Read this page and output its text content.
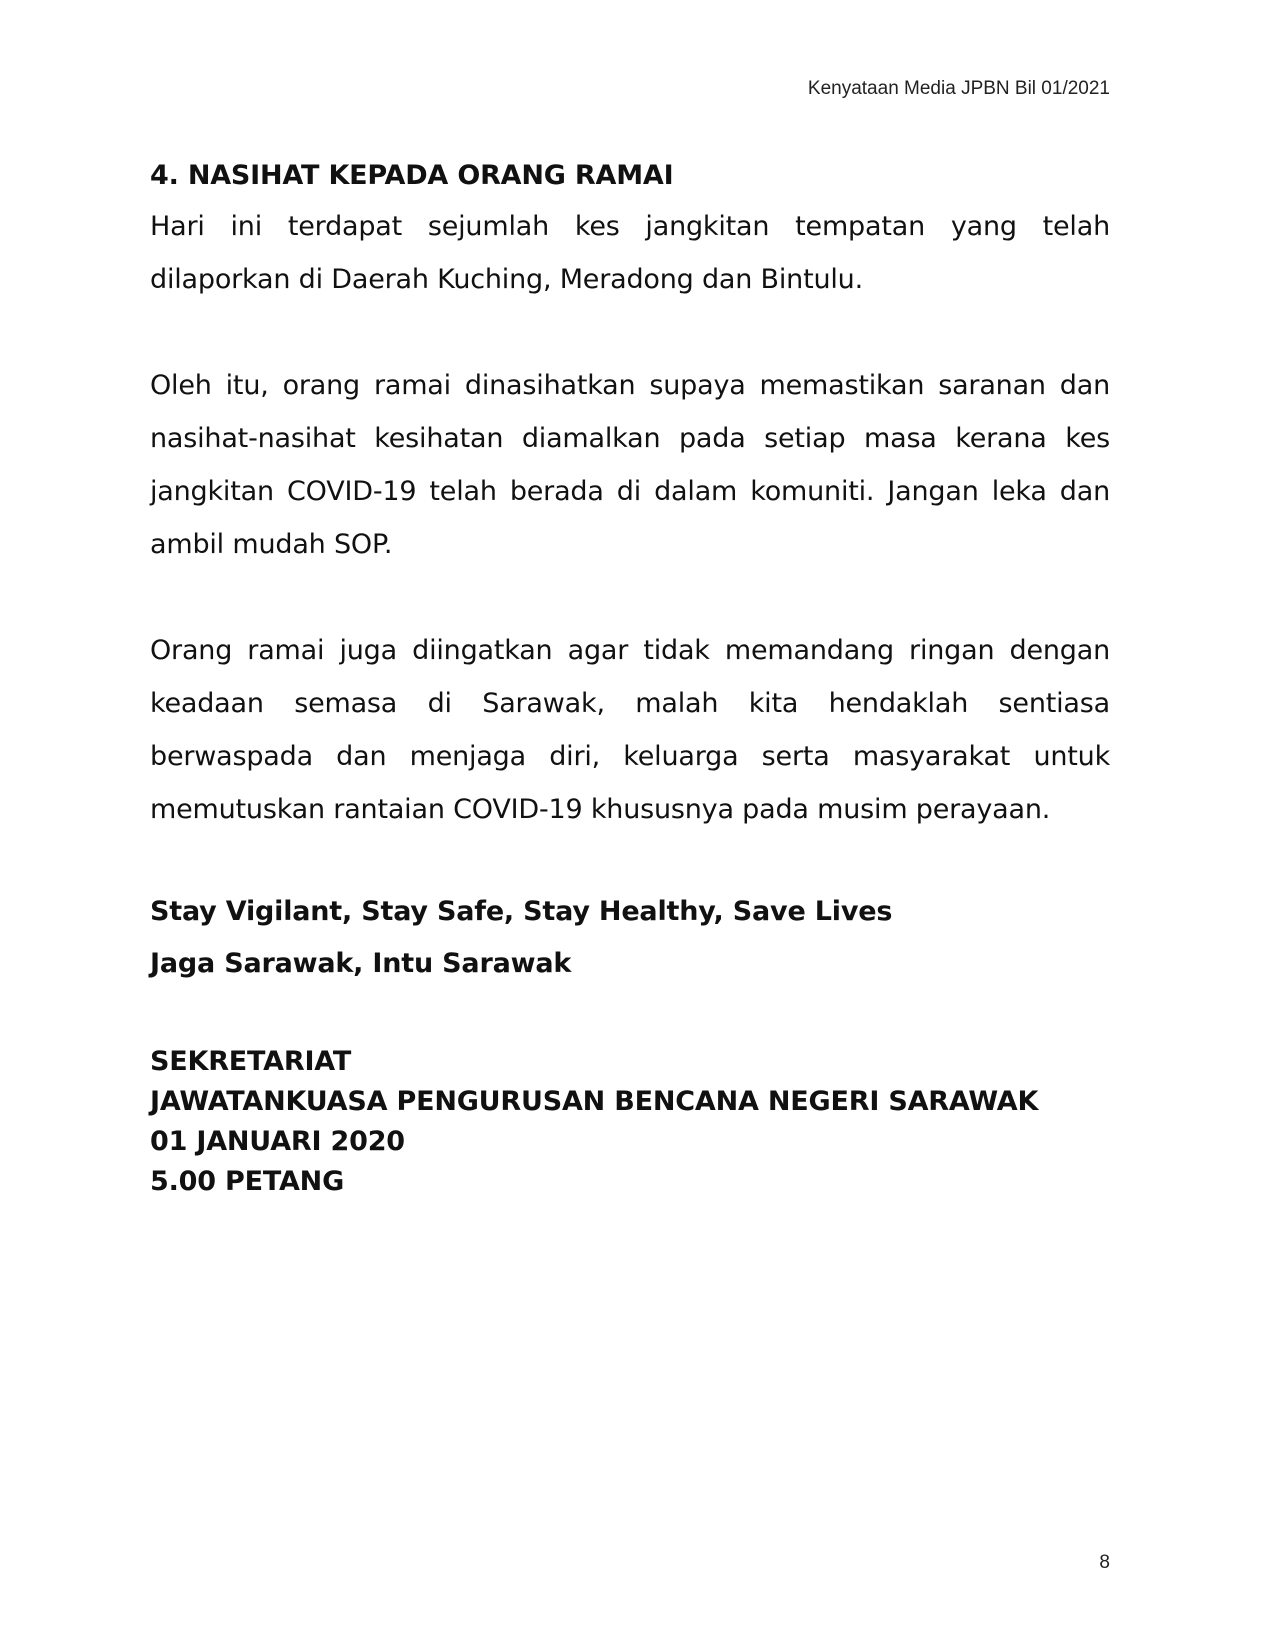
Kenyataan Media JPBN Bil 01/2021
4. NASIHAT KEPADA ORANG RAMAI

Hari ini terdapat sejumlah kes jangkitan tempatan yang telah dilaporkan di Daerah Kuching, Meradong dan Bintulu.

Oleh itu, orang ramai dinasihatkan supaya memastikan saranan dan nasihat-nasihat kesihatan diamalkan pada setiap masa kerana kes jangkitan COVID-19 telah berada di dalam komuniti. Jangan leka dan ambil mudah SOP.

Orang ramai juga diingatkan agar tidak memandang ringan dengan keadaan semasa di Sarawak, malah kita hendaklah sentiasa berwaspada dan menjaga diri, keluarga serta masyarakat untuk memutuskan rantaian COVID-19 khususnya pada musim perayaan.

Stay Vigilant, Stay Safe, Stay Healthy, Save Lives

Jaga Sarawak, Intu Sarawak

SEKRETARIAT

JAWATANKUASA PENGURUSAN BENCANA NEGERI SARAWAK

01 JANUARI 2020

5.00 PETANG

8
